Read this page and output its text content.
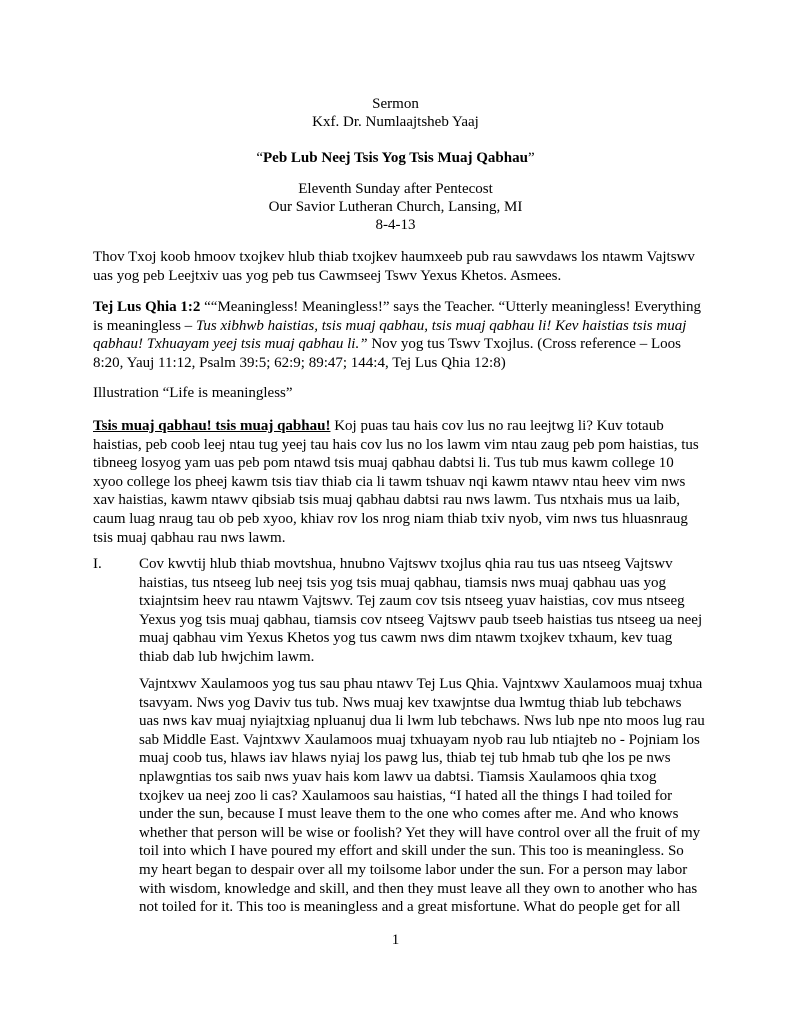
Sermon
Kxf. Dr. Numlaajtsheb Yaaj
“Peb Lub Neej Tsis Yog Tsis Muaj Qabhau”
Eleventh Sunday after Pentecost
Our Savior Lutheran Church, Lansing, MI
8-4-13

Thov Txoj koob hmoov txojkev hlub thiab txojkev haumxeeb pub rau sawvdaws los ntawm Vajtswv uas yog peb Leejtxiv uas yog peb tus Cawmseej Tswv Yexus Khetos. Asmees.

Tej Lus Qhia 1:2 ““Meaningless! Meaningless!” says the Teacher. “Utterly meaningless! Everything is meaningless – Tus xibhwb haistias, tsis muaj qabhau, tsis muaj qabhau li! Kev haistias tsis muaj qabhau! Txhuayam yeej tsis muaj qabhau li.” Nov yog tus Tswv Txojlus. (Cross reference – Loos 8:20, Yauj 11:12, Psalm 39:5; 62:9; 89:47; 144:4, Tej Lus Qhia 12:8)

Illustration “Life is meaningless”

Tsis muaj qabhau! tsis muaj qabhau! Koj puas tau hais cov lus no rau leejtwg li? Kuv totaub haistias, peb coob leej ntau tug yeej tau hais cov lus no los lawm vim ntau zaug peb pom haistias, tus tibneeg losyog yam uas peb pom ntawd tsis muaj qabhau dabtsi li. Tus tub mus kawm college 10 xyoo college los pheej kawm tsis tiav thiab cia li tawm tshuav nqi kawm ntawv ntau heev vim nws xav haistias, kawm ntawv qibsiab tsis muaj qabhau dabtsi rau nws lawm. Tus ntxhais mus ua laib, caum luag nraug tau ob peb xyoo, khiav rov los nrog niam thiab txiv nyob, vim nws tus hluasnraug tsis muaj qabhau rau nws lawm.

I. Cov kwvtij hlub thiab movtshua, hnubno Vajtswv txojlus qhia rau tus uas ntseeg Vajtswv haistias, tus ntseeg lub neej tsis yog tsis muaj qabhau, tiamsis nws muaj qabhau uas yog txiajntsim heev rau ntawm Vajtswv. Tej zaum cov tsis ntseeg yuav haistias, cov mus ntseeg Yexus yog tsis muaj qabhau, tiamsis cov ntseeg Vajtswv paub tseeb haistias tus ntseeg ua neej muaj qabhau vim Yexus Khetos yog tus cawm nws dim ntawm txojkev txhaum, kev tuag thiab dab lub hwjchim lawm.

Vajntxwv Xaulamoos yog tus sau phau ntawv Tej Lus Qhia. Vajntxwv Xaulamoos muaj txhua tsavyam. Nws yog Daviv tus tub. Nws muaj kev txawjntse dua lwmtug thiab lub tebchaws uas nws kav muaj nyiajtxiag npluanuj dua li lwm lub tebchaws. Nws lub npe nto moos lug rau sab Middle East. Vajntxwv Xaulamoos muaj txhuayam nyob rau lub ntiajteb no - Pojniam los muaj coob tus, hlaws iav hlaws nyiaj los pawg lus, thiab tej tub hmab tub qhe los pe nws nplawgntias tos saib nws yuav hais kom lawv ua dabtsi. Tiamsis Xaulamoos qhia txog txojkev ua neej zoo li cas? Xaulamoos sau haistias, “I hated all the things I had toiled for under the sun, because I must leave them to the one who comes after me. And who knows whether that person will be wise or foolish? Yet they will have control over all the fruit of my toil into which I have poured my effort and skill under the sun. This too is meaningless. So my heart began to despair over all my toilsome labor under the sun. For a person may labor with wisdom, knowledge and skill, and then they must leave all they own to another who has not toiled for it. This too is meaningless and a great misfortune. What do people get for all

1
